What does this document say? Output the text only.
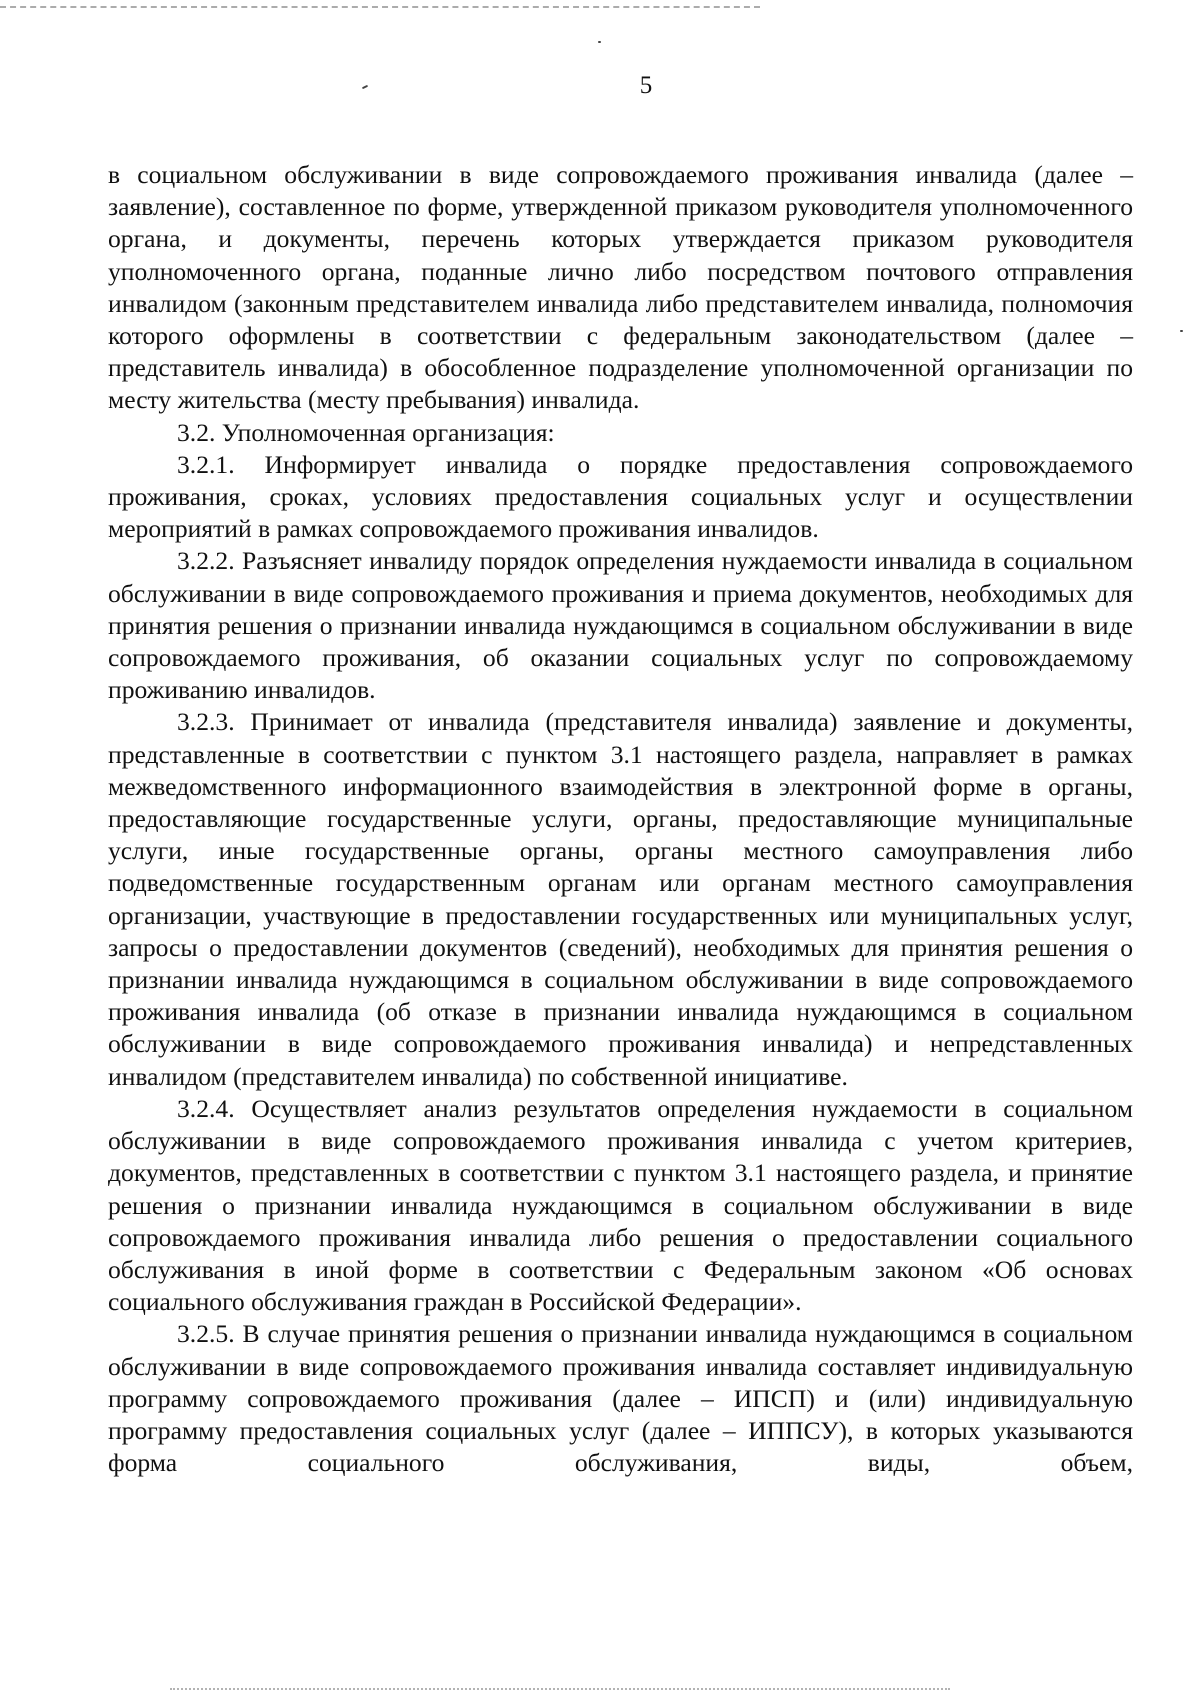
5

в социальном обслуживании в виде сопровождаемого проживания инвалида (далее – заявление), составленное по форме, утвержденной приказом руководителя уполномоченного органа, и документы, перечень которых утверждается приказом руководителя уполномоченного органа, поданные лично либо посредством почтового отправления инвалидом (законным представителем инвалида либо представителем инвалида, полномочия которого оформлены в соответствии с федеральным законодательством (далее – представитель инвалида) в обособленное подразделение уполномоченной организации по месту жительства (месту пребывания) инвалида.

3.2. Уполномоченная организация:

3.2.1. Информирует инвалида о порядке предоставления сопровождаемого проживания, сроках, условиях предоставления социальных услуг и осуществлении мероприятий в рамках сопровождаемого проживания инвалидов.

3.2.2. Разъясняет инвалиду порядок определения нуждаемости инвалида в социальном обслуживании в виде сопровождаемого проживания и приема документов, необходимых для принятия решения о признании инвалида нуждающимся в социальном обслуживании в виде сопровождаемого проживания, об оказании социальных услуг по сопровождаемому проживанию инвалидов.

3.2.3. Принимает от инвалида (представителя инвалида) заявление и документы, представленные в соответствии с пунктом 3.1 настоящего раздела, направляет в рамках межведомственного информационного взаимодействия в электронной форме в органы, предоставляющие государственные услуги, органы, предоставляющие муниципальные услуги, иные государственные органы, органы местного самоуправления либо подведомственные государственным органам или органам местного самоуправления организации, участвующие в предоставлении государственных или муниципальных услуг, запросы о предоставлении документов (сведений), необходимых для принятия решения о признании инвалида нуждающимся в социальном обслуживании в виде сопровождаемого проживания инвалида (об отказе в признании инвалида нуждающимся в социальном обслуживании в виде сопровождаемого проживания инвалида) и непредставленных инвалидом (представителем инвалида) по собственной инициативе.

3.2.4. Осуществляет анализ результатов определения нуждаемости в социальном обслуживании в виде сопровождаемого проживания инвалида с учетом критериев, документов, представленных в соответствии с пунктом 3.1 настоящего раздела, и принятие решения о признании инвалида нуждающимся в социальном обслуживании в виде сопровождаемого проживания инвалида либо решения о предоставлении социального обслуживания в иной форме в соответствии с Федеральным законом «Об основах социального обслуживания граждан в Российской Федерации».

3.2.5. В случае принятия решения о признании инвалида нуждающимся в социальном обслуживании в виде сопровождаемого проживания инвалида составляет индивидуальную программу сопровождаемого проживания (далее – ИПСП) и (или) индивидуальную программу предоставления социальных услуг (далее – ИППСУ), в которых указываются форма социального обслуживания, виды, объем,
